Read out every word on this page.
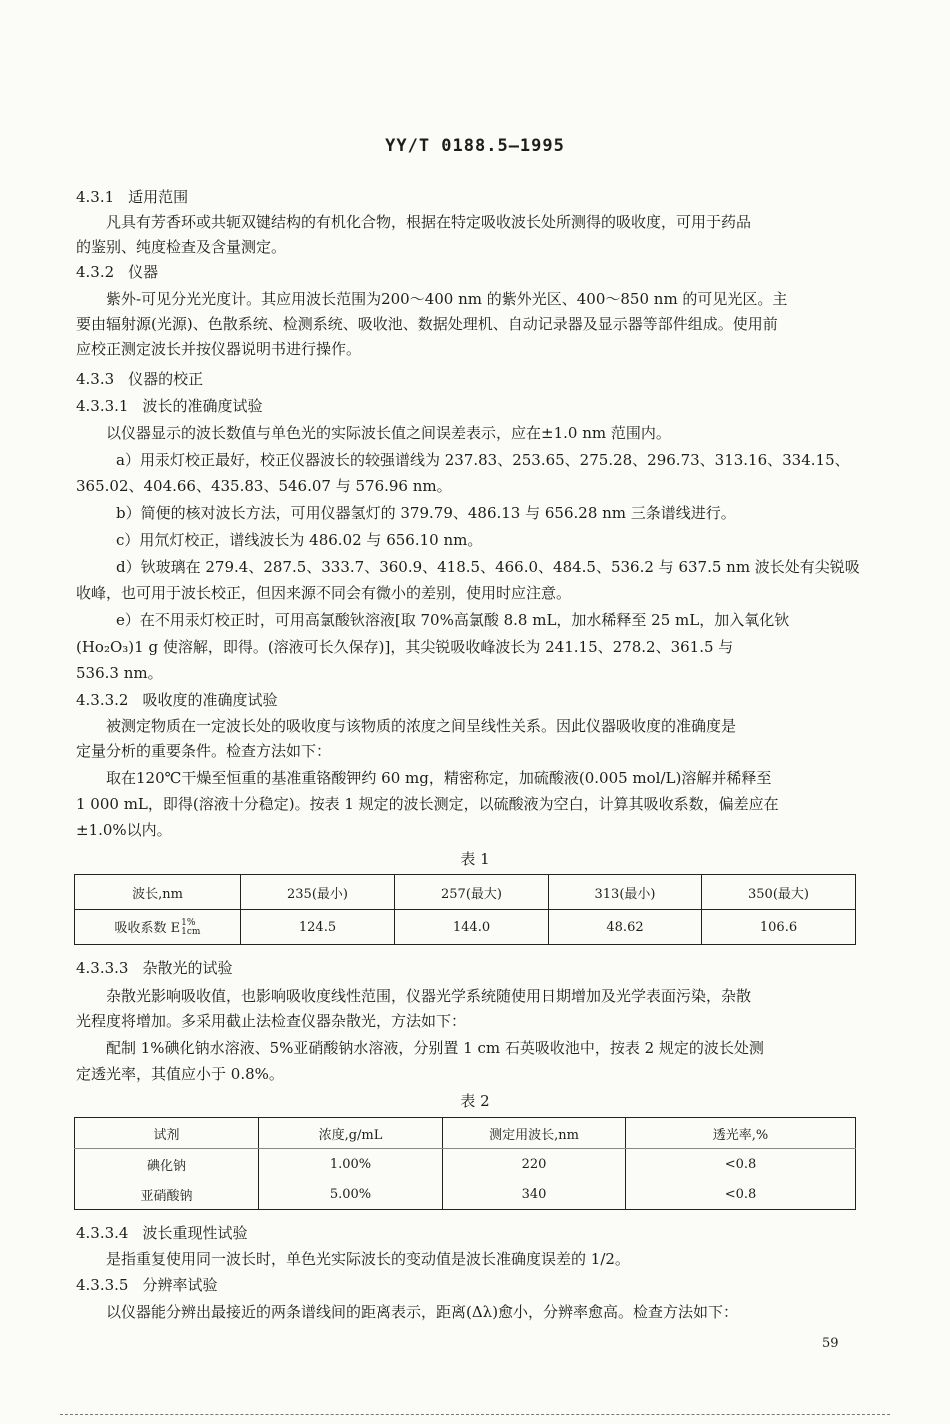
YY/T 0188.5—1995
4.3.1 适用范围
凡具有芳香环或共轭双键结构的有机化合物，根据在特定吸收波长处所测得的吸收度，可用于药品
的鉴别、纯度检查及含量测定。
4.3.2 仪器
紫外-可见分光光度计。其应用波长范围为200～400 nm 的紫外光区、400～850 nm 的可见光区。主
要由辐射源(光源)、色散系统、检测系统、吸收池、数据处理机、自动记录器及显示器等部件组成。使用前
应校正测定波长并按仪器说明书进行操作。
4.3.3 仪器的校正
4.3.3.1 波长的准确度试验
以仪器显示的波长数值与单色光的实际波长值之间误差表示，应在±1.0 nm 范围内。
a）用汞灯校正最好，校正仪器波长的较强谱线为 237.83、253.65、275.28、296.73、313.16、334.15、
365.02、404.66、435.83、546.07 与 576.96 nm。
b）简便的核对波长方法，可用仪器氢灯的 379.79、486.13 与 656.28 nm 三条谱线进行。
c）用氘灯校正，谱线波长为 486.02 与 656.10 nm。
d）钬玻璃在 279.4、287.5、333.7、360.9、418.5、466.0、484.5、536.2 与 637.5 nm 波长处有尖锐吸
收峰，也可用于波长校正，但因来源不同会有微小的差别，使用时应注意。
e）在不用汞灯校正时，可用高氯酸钬溶液[取 70%高氯酸 8.8 mL，加水稀释至 25 mL，加入氧化钬
(Ho₂O₃)1 g 使溶解，即得。(溶液可长久保存)]，其尖锐吸收峰波长为 241.15、278.2、361.5 与
536.3 nm。
4.3.3.2 吸收度的准确度试验
被测定物质在一定波长处的吸收度与该物质的浓度之间呈线性关系。因此仪器吸收度的准确度是
定量分析的重要条件。检查方法如下：
取在120℃干燥至恒重的基准重铬酸钾约 60 mg，精密称定，加硫酸液(0.005 mol/L)溶解并稀释至
1 000 mL，即得(溶液十分稳定)。按表 1 规定的波长测定，以硫酸液为空白，计算其吸收系数，偏差应在
±1.0%以内。
表 1
波长,nm	235(最小)	257(最大)	313(最小)	350(最大)
吸收系数 E 1%
1cm	124.5	144.0	48.62	106.6
4.3.3.3 杂散光的试验
杂散光影响吸收值，也影响吸收度线性范围，仪器光学系统随使用日期增加及光学表面污染，杂散
光程度将增加。多采用截止法检查仪器杂散光，方法如下：
配制 1%碘化钠水溶液、5%亚硝酸钠水溶液，分别置 1 cm 石英吸收池中，按表 2 规定的波长处测
定透光率，其值应小于 0.8%。
表 2
试剂	浓度,g/mL	测定用波长,nm	透光率,%
碘化钠	1.00%	220	<0.8
亚硝酸钠	5.00%	340	<0.8
4.3.3.4 波长重现性试验
是指重复使用同一波长时，单色光实际波长的变动值是波长准确度误差的 1/2。
4.3.3.5 分辨率试验
以仪器能分辨出最接近的两条谱线间的距离表示，距离(Δλ)愈小，分辨率愈高。检查方法如下：
59
